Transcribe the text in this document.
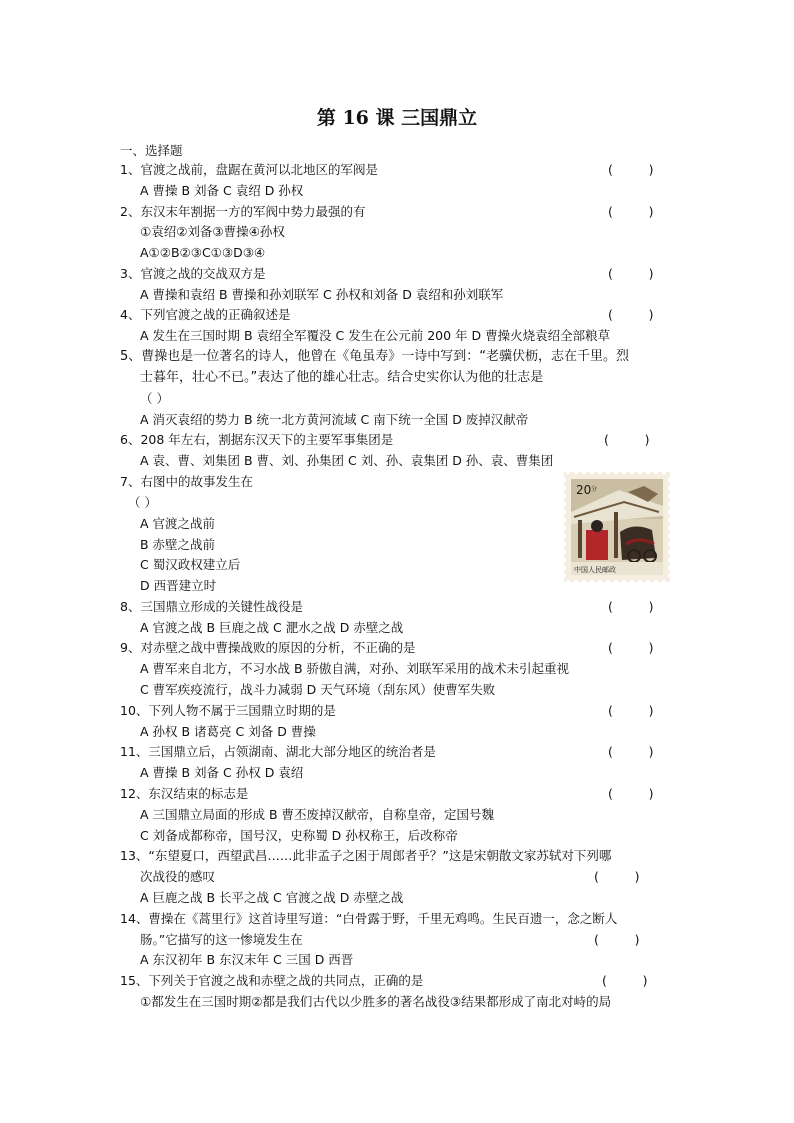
第 16 课 三国鼎立
一、选择题
1、官渡之战前，盘踞在黄河以北地区的军阀是	(         )
A 曹操 B 刘备 C 袁绍 D 孙权
2、东汉末年割据一方的军阀中势力最强的有	(         )
①袁绍②刘备③曹操④孙权
A①②B②③C①③D③④
3、官渡之战的交战双方是	(         )
A 曹操和袁绍 B 曹操和孙刘联军 C 孙权和刘备 D 袁绍和孙刘联军
4、下列官渡之战的正确叙述是	(         )
A 发生在三国时期 B 袁绍全军覆没 C 发生在公元前 200 年 D 曹操火烧袁绍全部粮草
5、曹操也是一位著名的诗人，他曾在《龟虽寿》一诗中写到：“老骥伏枥，志在千里。烈
士暮年，壮心不已。”表达了他的雄心壮志。结合史实你认为他的壮志是
（ ）
A 消灭袁绍的势力 B 统一北方黄河流域 C 南下统一全国 D 废掉汉献帝
6、208 年左右，割据东汉天下的主要军事集团是	(         )
A 袁、曹、刘集团 B 曹、刘、孙集团 C 刘、孙、袁集团 D 孙、袁、曹集团
7、右图中的故事发生在
（ ）
A 官渡之战前
B 赤壁之战前
C 蜀汉政权建立后
D 西晋建立时
20 分
中国人民邮政
8、三国鼎立形成的关键性战役是	(         )
A 官渡之战 B 巨鹿之战 C 淝水之战 D 赤壁之战
9、对赤壁之战中曹操战败的原因的分析，不正确的是	(         )
A 曹军来自北方，不习水战 B 骄傲自满，对孙、刘联军采用的战术未引起重视
C 曹军疾疫流行，战斗力减弱 D 天气环境（刮东风）使曹军失败
10、下列人物不属于三国鼎立时期的是	(         )
A 孙权 B 诸葛亮 C 刘备 D 曹操
11、三国鼎立后，占领湖南、湖北大部分地区的统治者是	(         )
A 曹操 B 刘备 C 孙权 D 袁绍
12、东汉结束的标志是	(         )
A 三国鼎立局面的形成 B 曹丕废掉汉献帝，自称皇帝，定国号魏
C 刘备成都称帝，国号汉，史称蜀 D 孙权称王，后改称帝
13、“东望夏口，西望武昌……此非孟子之困于周郎者乎？”这是宋朝散文家苏轼对下列哪
次战役的感叹	(         )
A 巨鹿之战 B 长平之战 C 官渡之战 D 赤壁之战
14、曹操在《蒿里行》这首诗里写道：“白骨露于野，千里无鸡鸣。生民百遗一，念之断人
肠。”它描写的这一惨境发生在	(         )
A 东汉初年 B 东汉末年 C 三国 D 西晋
15、下列关于官渡之战和赤壁之战的共同点，正确的是	(         )
①都发生在三国时期②都是我们古代以少胜多的著名战役③结果都形成了南北对峙的局
